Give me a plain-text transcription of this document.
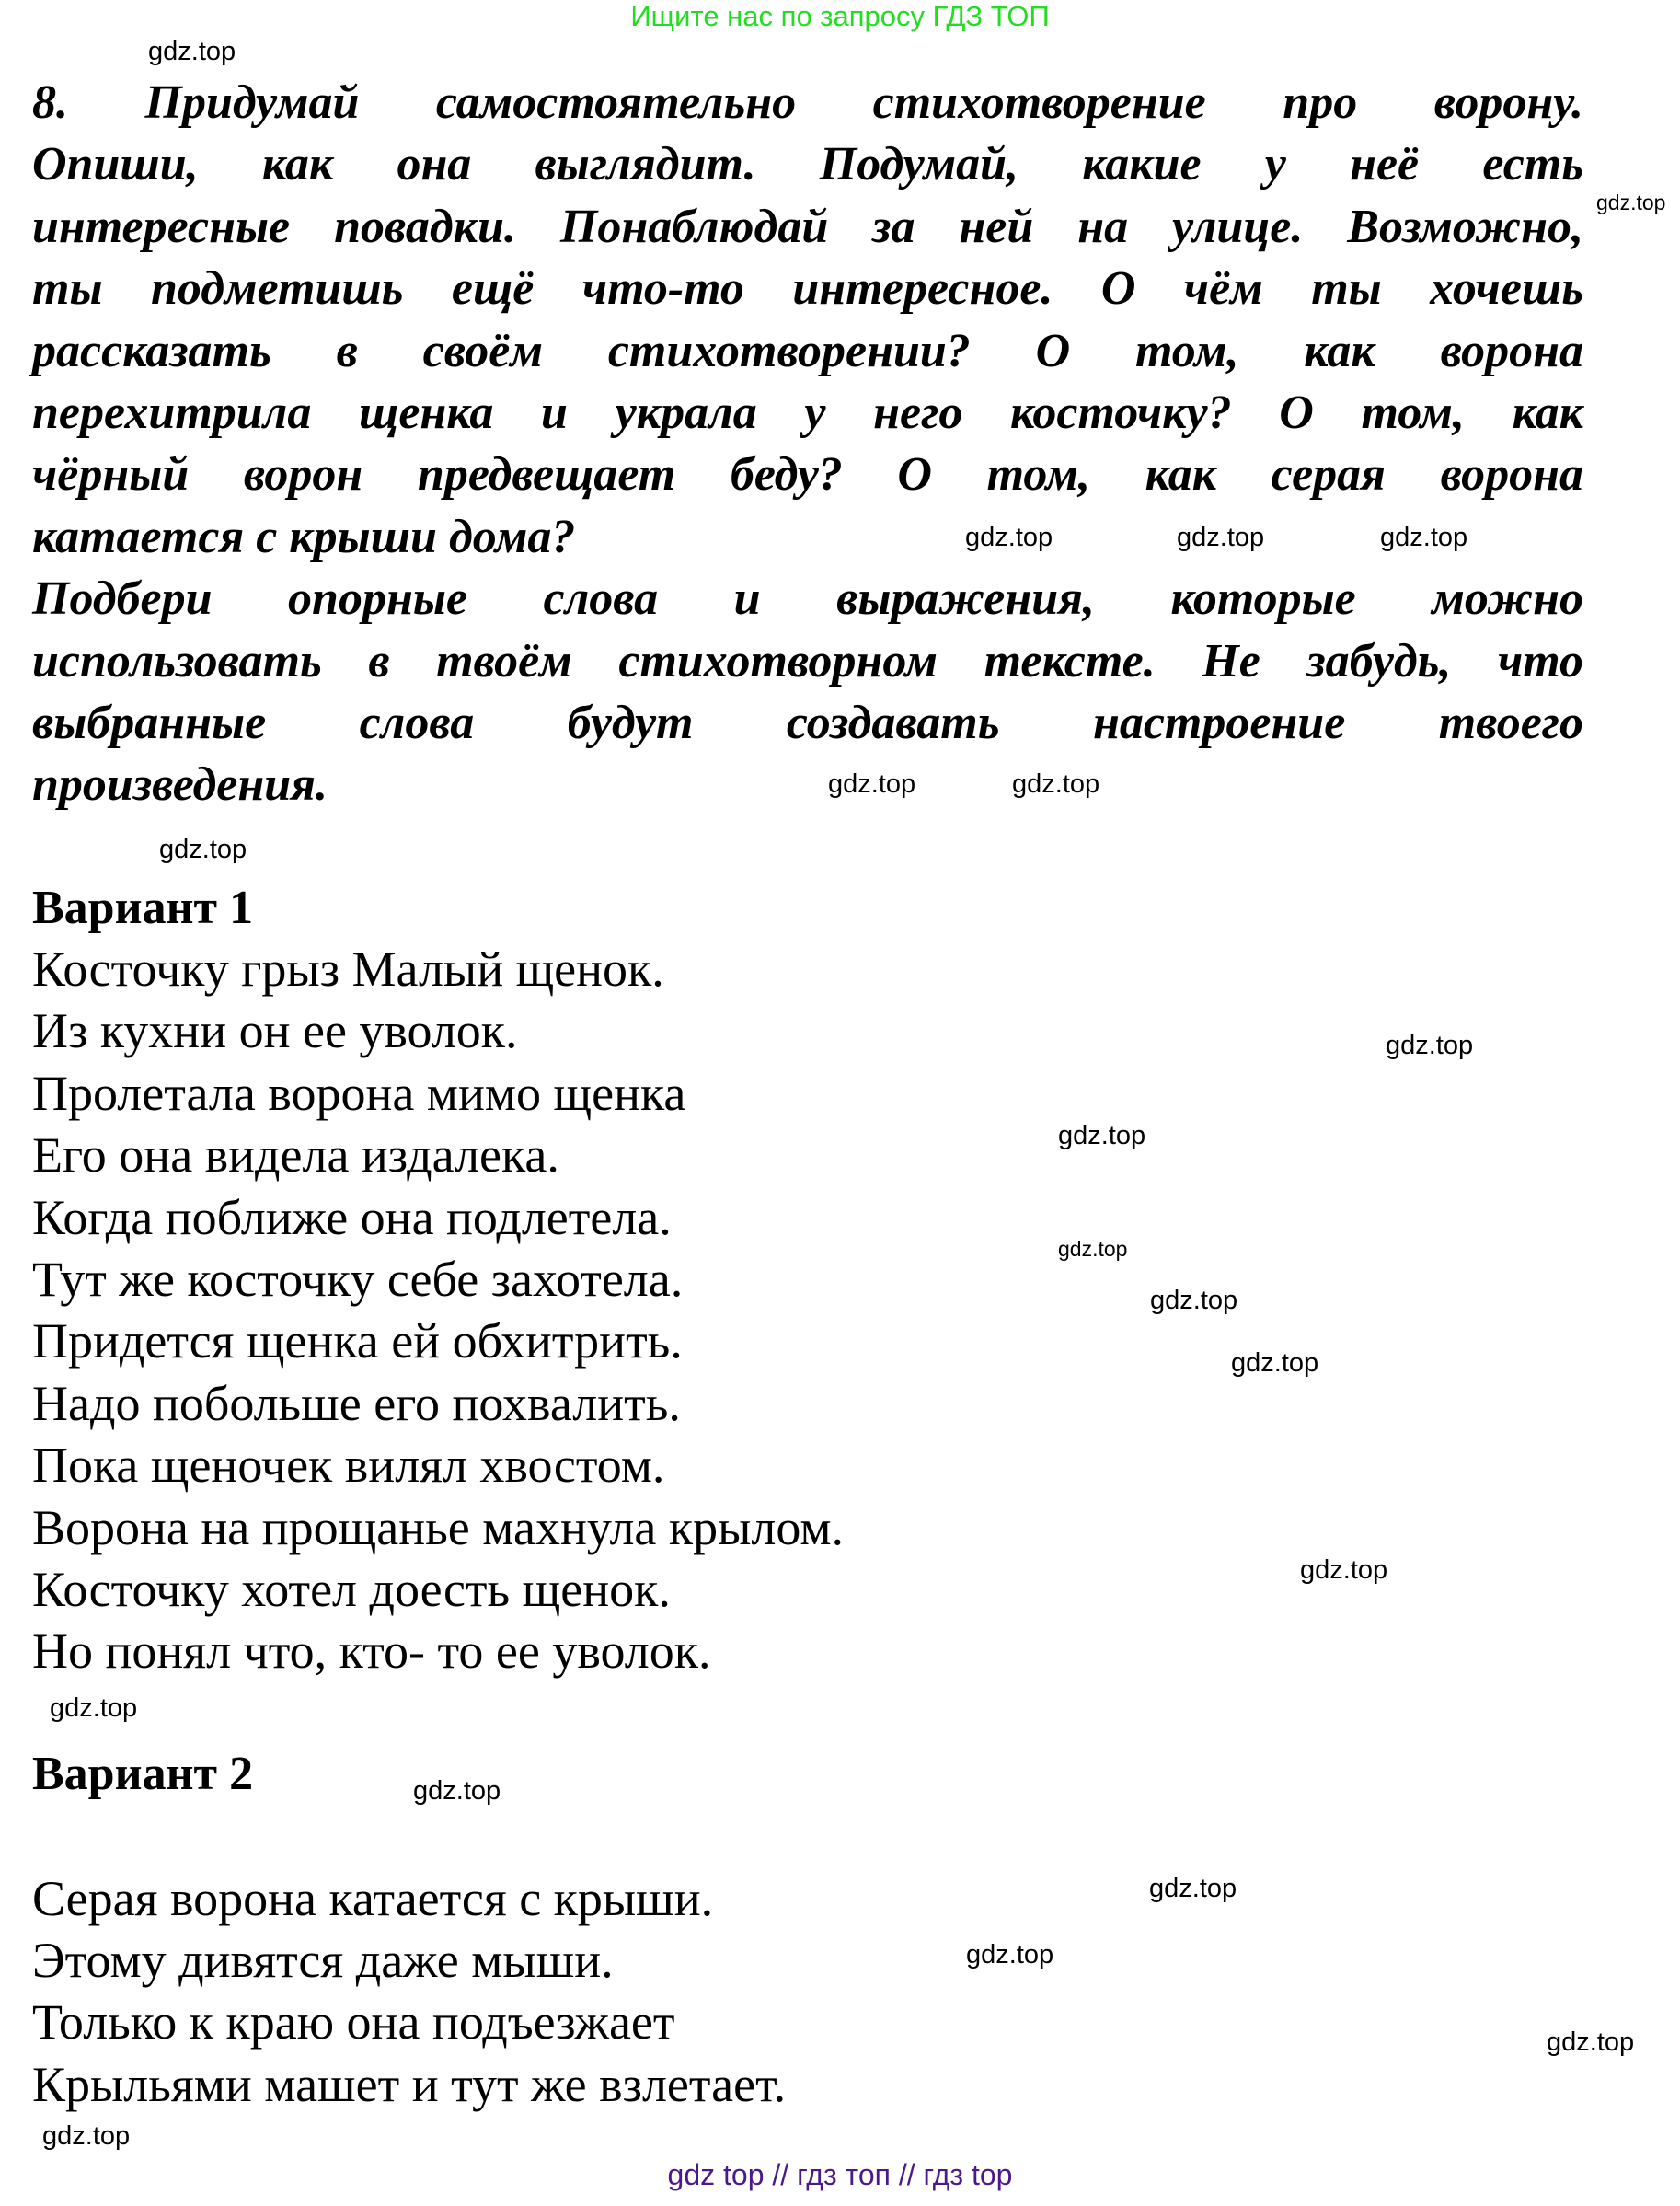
Ищите нас по запросу ГДЗ ТОП
8. Придумай самостоятельно стихотворение про ворону.
Опиши, как она выглядит. Подумай, какие у неё есть
интересные повадки. Понаблюдай за ней на улице. Возможно,
ты подметишь ещё что-то интересное. О чём ты хочешь
рассказать в своём стихотворении? О том, как ворона
перехитрила щенка и украла у него косточку? О том, как
чёрный ворон предвещает беду? О том, как серая ворона
катается с крыши дома?
Подбери опорные слова и выражения, которые можно
использовать в твоём стихотворном тексте. Не забудь, что
выбранные слова будут создавать настроение твоего
произведения.
Вариант 1
Косточку грыз Малый щенок.
Из кухни он ее уволок.
Пролетала ворона мимо щенка
Его она видела издалека.
Когда поближе она подлетела.
Тут же косточку себе захотела.
Придется щенка ей обхитрить.
Надо побольше его похвалить.
Пока щеночек вилял хвостом.
Ворона на прощанье махнула крылом.
Косточку хотел доесть щенок.
Но понял что, кто- то ее уволок.
Вариант 2
Серая ворона катается с крыши.
Этому дивятся даже мыши.
Только к краю она подъезжает
Крыльями машет и тут же взлетает.
gdz.top
gdz.top
gdz.top	gdz.top	gdz.top
gdz.top	gdz.top
gdz.top
gdz.top
gdz.top
gdz.top
gdz.top
gdz.top
gdz.top
gdz.top
gdz.top
gdz.top
gdz.top
gdz.top
gdz.top
gdz top // гдз топ // гдз top
